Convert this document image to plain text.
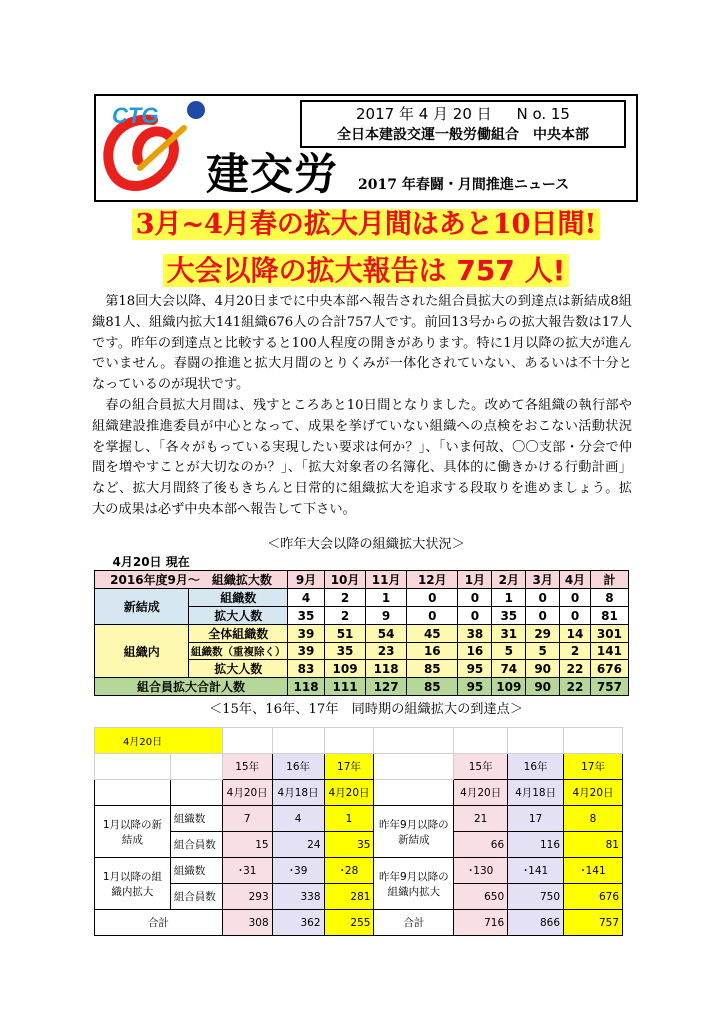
CTG	2017 年 4 月 20 日 N o. 15
全日本建設交運一般労働組合　中央本部
建交労 2017 年春闘・月間推進ニュース
3月~4月春の拡大月間はあと10日間!
大会以降の拡大報告は 757 人!

第18回大会以降、4月20日までに中央本部へ報告された組合員拡大の到達点は新結成8組織81人、組織内拡大141組織676人の合計757人です。前回13号からの拡大報告数は17人です。昨年の到達点と比較すると100人程度の開きがあります。特に1月以降の拡大が進んでいません。春闘の推進と拡大月間のとりくみが一体化されていない、あるいは不十分となっているのが現状です。

春の組合員拡大月間は、残すところあと10日間となりました。改めて各組織の執行部や組織建設推進委員が中心となって、成果を挙げていない組織への点検をおこない活動状況を掌握し、「各々がもっている実現したい要求は何か？」、「いま何故、〇〇支部・分会で仲間を増やすことが大切なのか？」、「拡大対象者の名簿化、具体的に働きかける行動計画」など、拡大月間終了後もきちんと日常的に組織拡大を追求する段取りを進めましょう。拡大の成果は必ず中央本部へ報告して下さい。

＜昨年大会以降の組織拡大状況＞
4月20日 現在										
2016年度9月～　組織拡大数		9月	10月	11月	12月	1月	2月	3月	4月	計
新結成	組織数	4	2	1	0	0	1	0	0	8
	拡大人数	35	2	9	0	0	35	0	0	81
組織内	全体組織数	39	51	54	45	38	31	29	14	301
	組織数（重複除く）	39	35	23	16	16	5	5	2	141
	拡大人数	83	109	118	85	95	74	90	22	676
組合員拡大合計人数		118	111	127	85	95	109	90	22	757
＜15年、16年、17年　同時期の組織拡大の到達点＞
4月20日								
		15年	16年	17年		15年	16年	17年
		4月20日	4月18日	4月20日		4月20日	4月18日	4月20日
1月以降の新結成	組織数	7	4	1	昨年9月以降の新結成	21	17	8
	組合員数	15	24	35		66	116	81
1月以降の組織内拡大	組織数	･31	･39	･28	昨年9月以降の組織内拡大	･130	･141	･141
	組合員数	293	338	281		650	750	676
合計		308	362	255	合計	716	866	757
